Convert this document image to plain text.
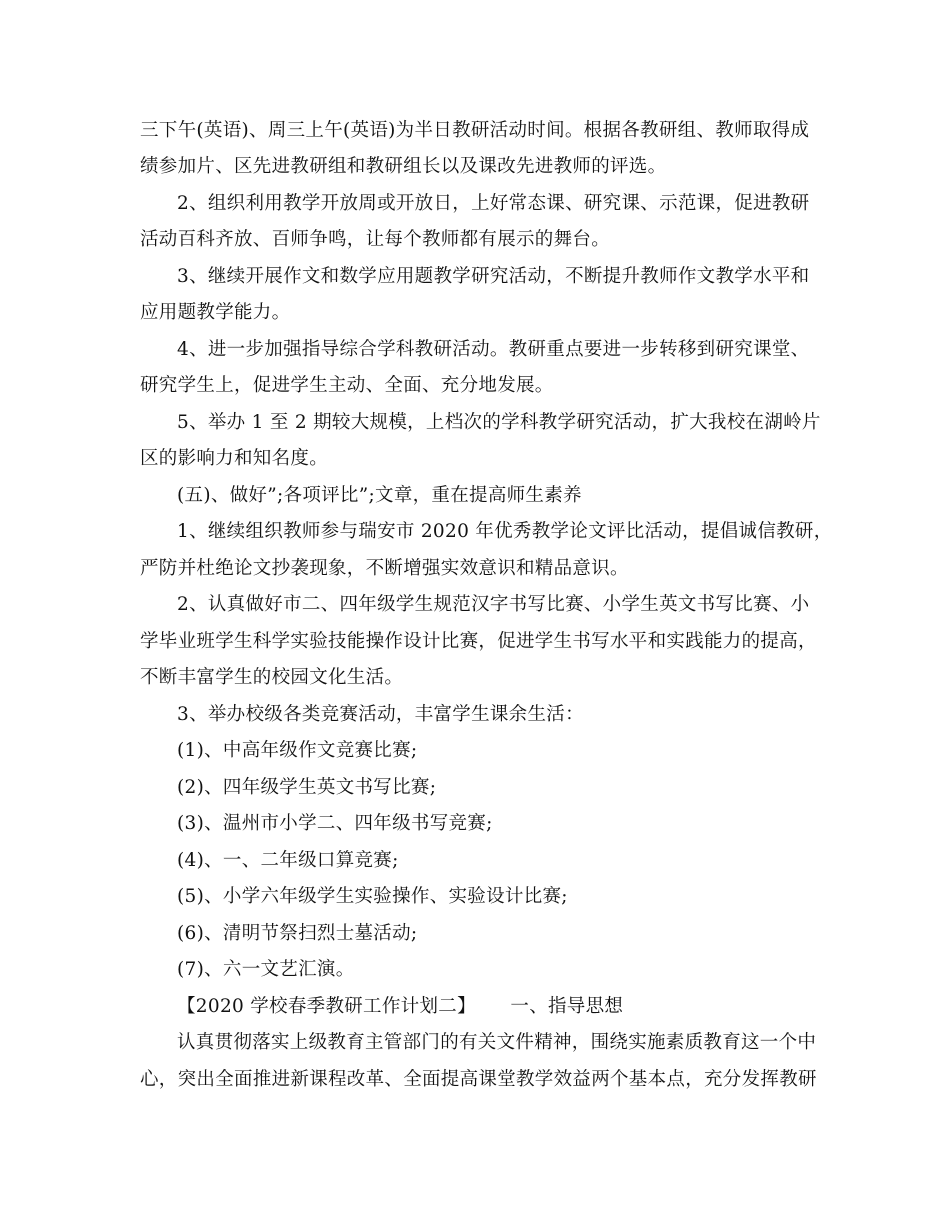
三下午(英语)、周三上午(英语)为半日教研活动时间。根据各教研组、教师取得成
绩参加片、区先进教研组和教研组长以及课改先进教师的评选。
2、组织利用教学开放周或开放日，上好常态课、研究课、示范课，促进教研
活动百科齐放、百师争鸣，让每个教师都有展示的舞台。
3、继续开展作文和数学应用题教学研究活动，不断提升教师作文教学水平和
应用题教学能力。
4、进一步加强指导综合学科教研活动。教研重点要进一步转移到研究课堂、
研究学生上，促进学生主动、全面、充分地发展。
5、举办 1 至 2 期较大规模，上档次的学科教学研究活动，扩大我校在湖岭片
区的影响力和知名度。
(五)、做好”;各项评比”;文章，重在提高师生素养
1、继续组织教师参与瑞安市 2020 年优秀教学论文评比活动，提倡诚信教研，
严防并杜绝论文抄袭现象，不断增强实效意识和精品意识。
2、认真做好市二、四年级学生规范汉字书写比赛、小学生英文书写比赛、小
学毕业班学生科学实验技能操作设计比赛，促进学生书写水平和实践能力的提高，
不断丰富学生的校园文化生活。
3、举办校级各类竞赛活动，丰富学生课余生活：
(1)、中高年级作文竞赛比赛;
(2)、四年级学生英文书写比赛;
(3)、温州市小学二、四年级书写竞赛;
(4)、一、二年级口算竞赛;
(5)、小学六年级学生实验操作、实验设计比赛;
(6)、清明节祭扫烈士墓活动;
(7)、六一文艺汇演。
【2020 学校春季教研工作计划二】　　 一、指导思想
认真贯彻落实上级教育主管部门的有关文件精神，围绕实施素质教育这一个中
心，突出全面推进新课程改革、全面提高课堂教学效益两个基本点，充分发挥教研
